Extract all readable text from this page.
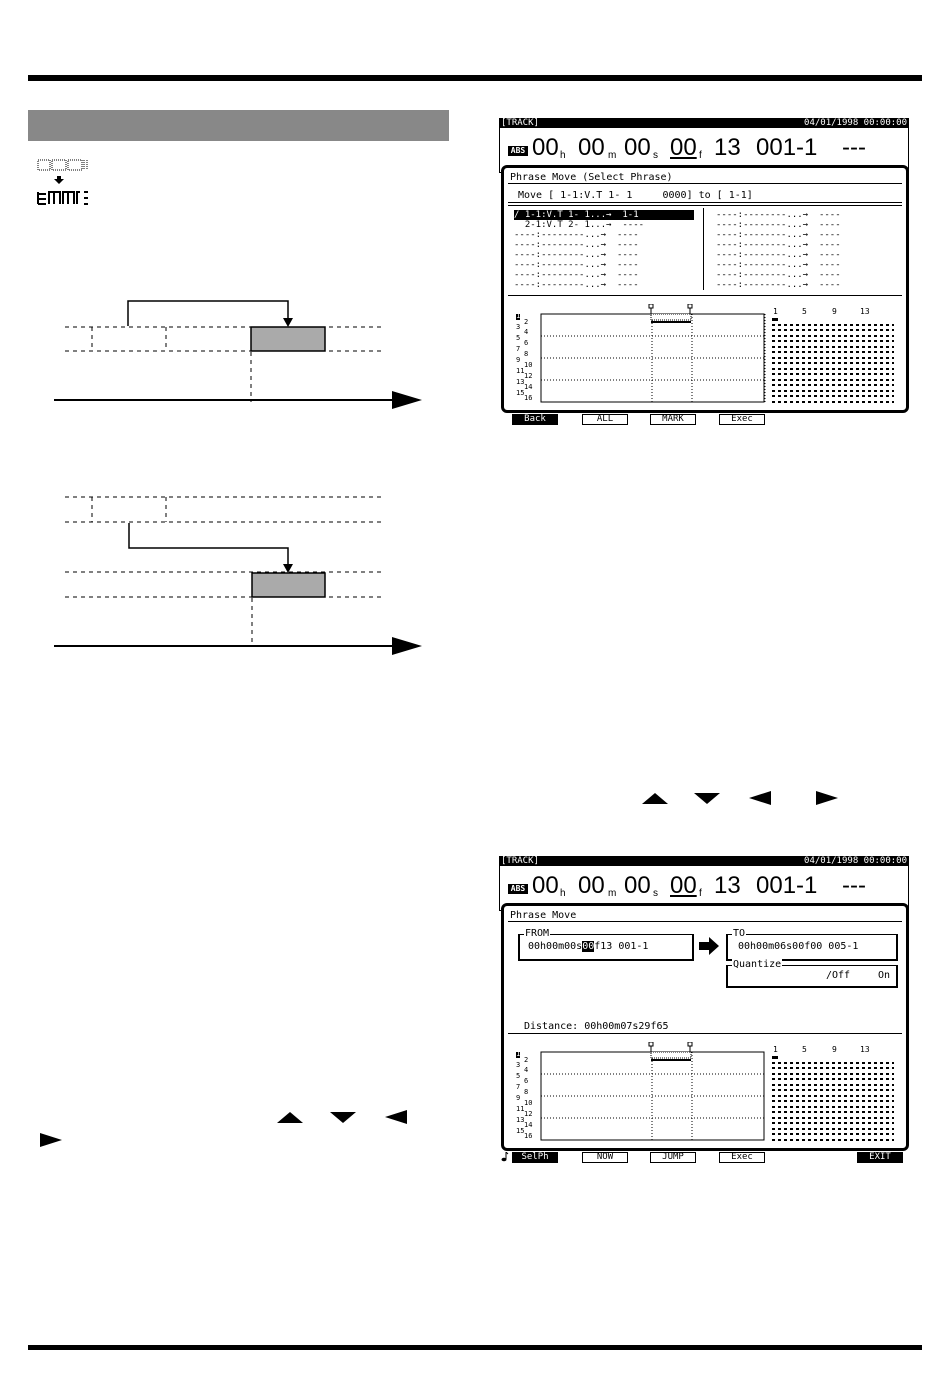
[TRACK]	04/01/1998 00:00:00
ABS 00 h 00 m 00 s 00 f 13 001-1 ---
Phrase Move (Select Phrase)
Move [ 1-1:V.T 1- 1     0000] to [ 1-1]
/ 1-1:V.T 1- 1...→  1-1
2-1:V.T 2- 1...→  ----
----:--------...→  ----
----:--------...→  ----
----:--------...→  ----
----:--------...→  ----
----:--------...→  ----
----:--------...→  ----
----:--------...→  ----
----:--------...→  ----
----:--------...→  ----
----:--------...→  ----
----:--------...→  ----
----:--------...→  ----
----:--------...→  ----
----:--------...→  ----
1
2
3
4
5
6
7
8
9
10
11
12
13
14
15
16
1	5	9	13
Back	ALL	MARK	Exec
[TRACK]	04/01/1998 00:00:00
ABS 00 h 00 m 00 s 00 f 13 001-1 ---
Phrase Move
FROM
00h00m00s00f13 001-1
TO
00h00m06s00f00 005-1
Quantize
/Off	On
Distance: 00h00m07s29f65
1
2
3
4
5
6
7
8
9
10
11
12
13
14
15
16
1	5	9	13
SelPh	NOW	JUMP	Exec	EXIT
